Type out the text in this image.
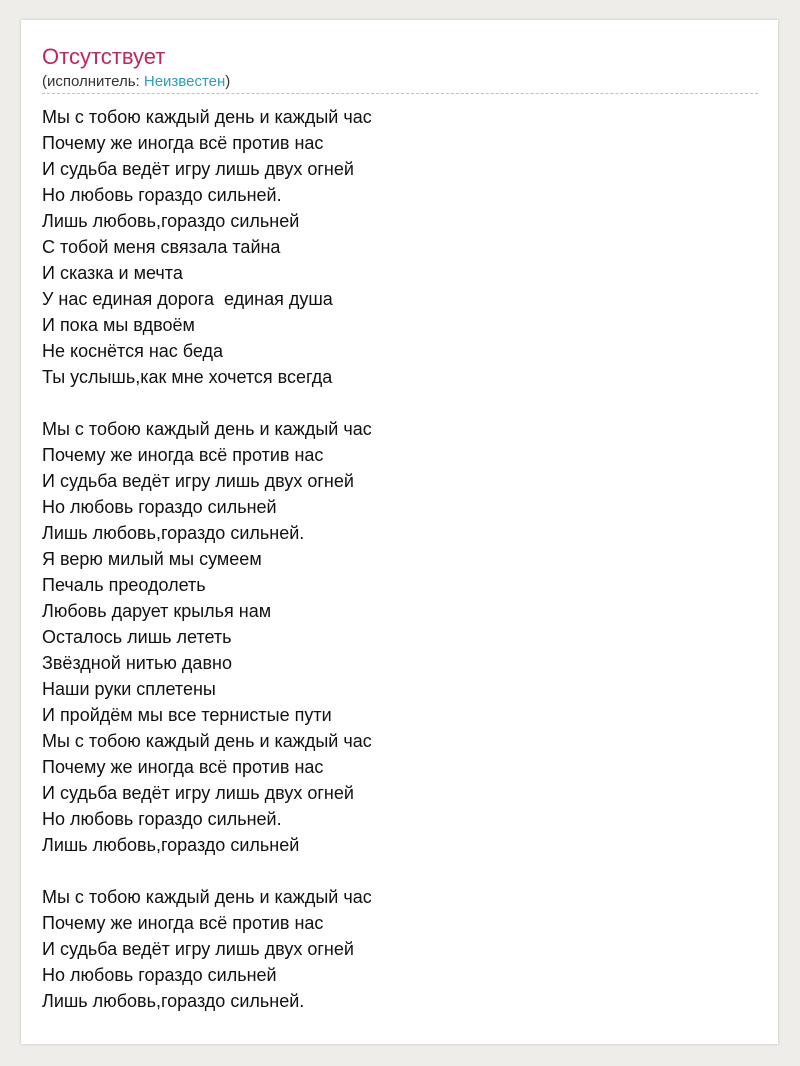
Отсутствует
(исполнитель: Неизвестен)
Мы с тобою каждый день и каждый час
Почему же иногда всё против нас
И судьба ведёт игру лишь двух огней
Но любовь гораздо сильней.
Лишь любовь,гораздо сильней
С тобой меня связала тайна
И сказка и мечта
У нас единая дорога  единая душа
И пока мы вдвоём
Не коснётся нас беда
Ты услышь,как мне хочется всегда
Мы с тобою каждый день и каждый час
Почему же иногда всё против нас
И судьба ведёт игру лишь двух огней
Но любовь гораздо сильней
Лишь любовь,гораздо сильней.
Я верю милый мы сумеем
Печаль преодолеть
Любовь дарует крылья нам
Осталось лишь лететь
Звёздной нитью давно
Наши руки сплетены
И пройдём мы все тернистые пути
Мы с тобою каждый день и каждый час
Почему же иногда всё против нас
И судьба ведёт игру лишь двух огней
Но любовь гораздо сильней.
Лишь любовь,гораздо сильней
Мы с тобою каждый день и каждый час
Почему же иногда всё против нас
И судьба ведёт игру лишь двух огней
Но любовь гораздо сильней
Лишь любовь,гораздо сильней.
